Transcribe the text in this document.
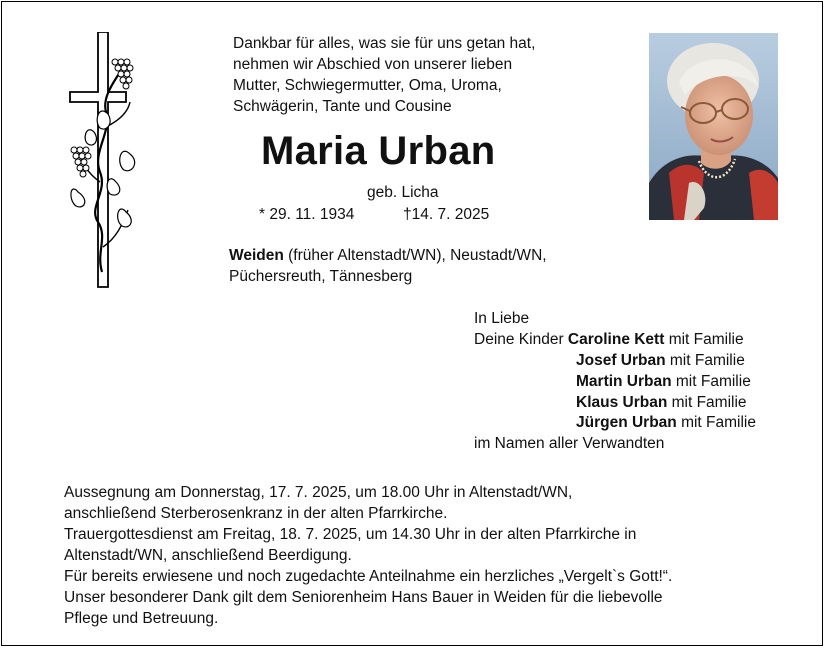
Dankbar für alles, was sie für uns getan hat,
nehmen wir Abschied von unserer lieben
Mutter, Schwiegermutter, Oma, Uroma,
Schwägerin, Tante und Cousine
Maria Urban
geb. Licha
* 29. 11. 1934	†14. 7. 2025
Weiden (früher Altenstadt/WN), Neustadt/WN,
Püchersreuth, Tännesberg
In Liebe
Deine Kinder Caroline Kett mit Familie
Josef Urban mit Familie
Martin Urban mit Familie
Klaus Urban mit Familie
Jürgen Urban mit Familie
im Namen aller Verwandten
Aussegnung am Donnerstag, 17. 7. 2025, um 18.00 Uhr in Altenstadt/WN,
anschließend Sterberosenkranz in der alten Pfarrkirche.
Trauergottesdienst am Freitag, 18. 7. 2025, um 14.30 Uhr in der alten Pfarrkirche in
Altenstadt/WN, anschließend Beerdigung.
Für bereits erwiesene und noch zugedachte Anteilnahme ein herzliches „Vergelt`s Gott!“.
Unser besonderer Dank gilt dem Seniorenheim Hans Bauer in Weiden für die liebevolle
Pflege und Betreuung.
